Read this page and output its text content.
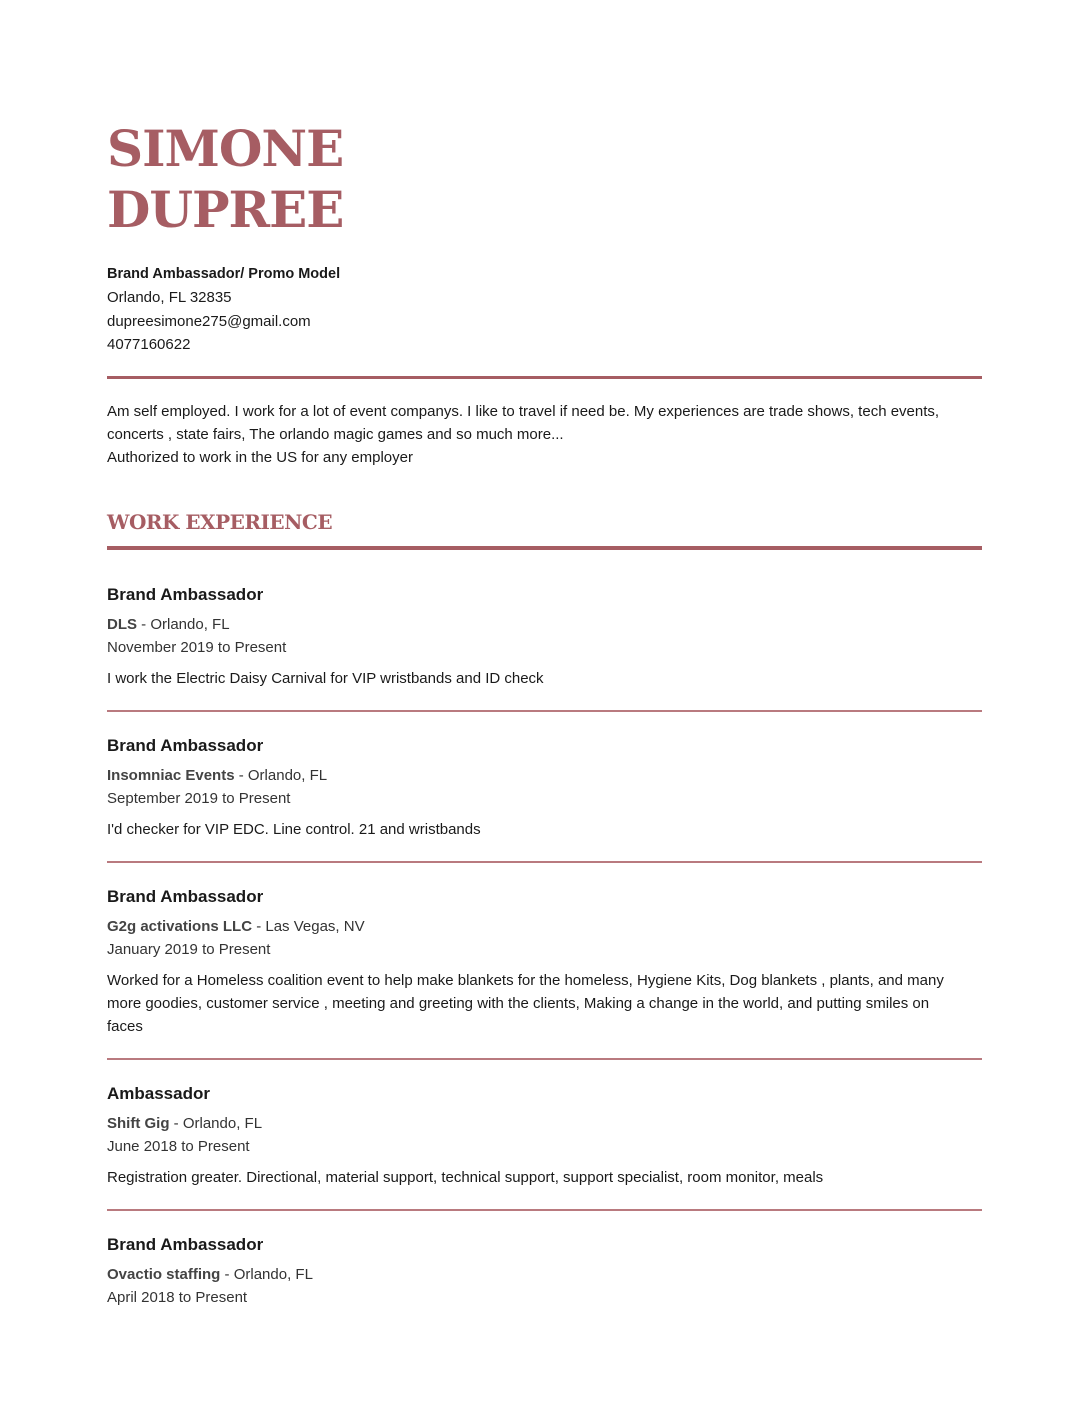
SIMONE
DUPREE
Brand Ambassador/ Promo Model
Orlando, FL 32835
dupreesimone275@gmail.com
4077160622

Am self employed. I work for a lot of event companys. I like to travel if need be. My experiences are trade shows, tech events, concerts , state fairs, The orlando magic games and so much more...

Authorized to work in the US for any employer

WORK EXPERIENCE
Brand Ambassador
DLS - Orlando, FL
November 2019 to Present
I work the Electric Daisy Carnival for VIP wristbands and ID check
Brand Ambassador
Insomniac Events - Orlando, FL
September 2019 to Present
I'd checker for VIP EDC. Line control. 21 and wristbands
Brand Ambassador
G2g activations LLC - Las Vegas, NV
January 2019 to Present
Worked for a Homeless coalition event to help make blankets for the homeless, Hygiene Kits, Dog blankets , plants, and many more goodies, customer service , meeting and greeting with the clients, Making a change in the world, and putting smiles on faces
Ambassador
Shift Gig - Orlando, FL
June 2018 to Present
Registration greater. Directional, material support, technical support, support specialist, room monitor, meals
Brand Ambassador
Ovactio staffing - Orlando, FL
April 2018 to Present
